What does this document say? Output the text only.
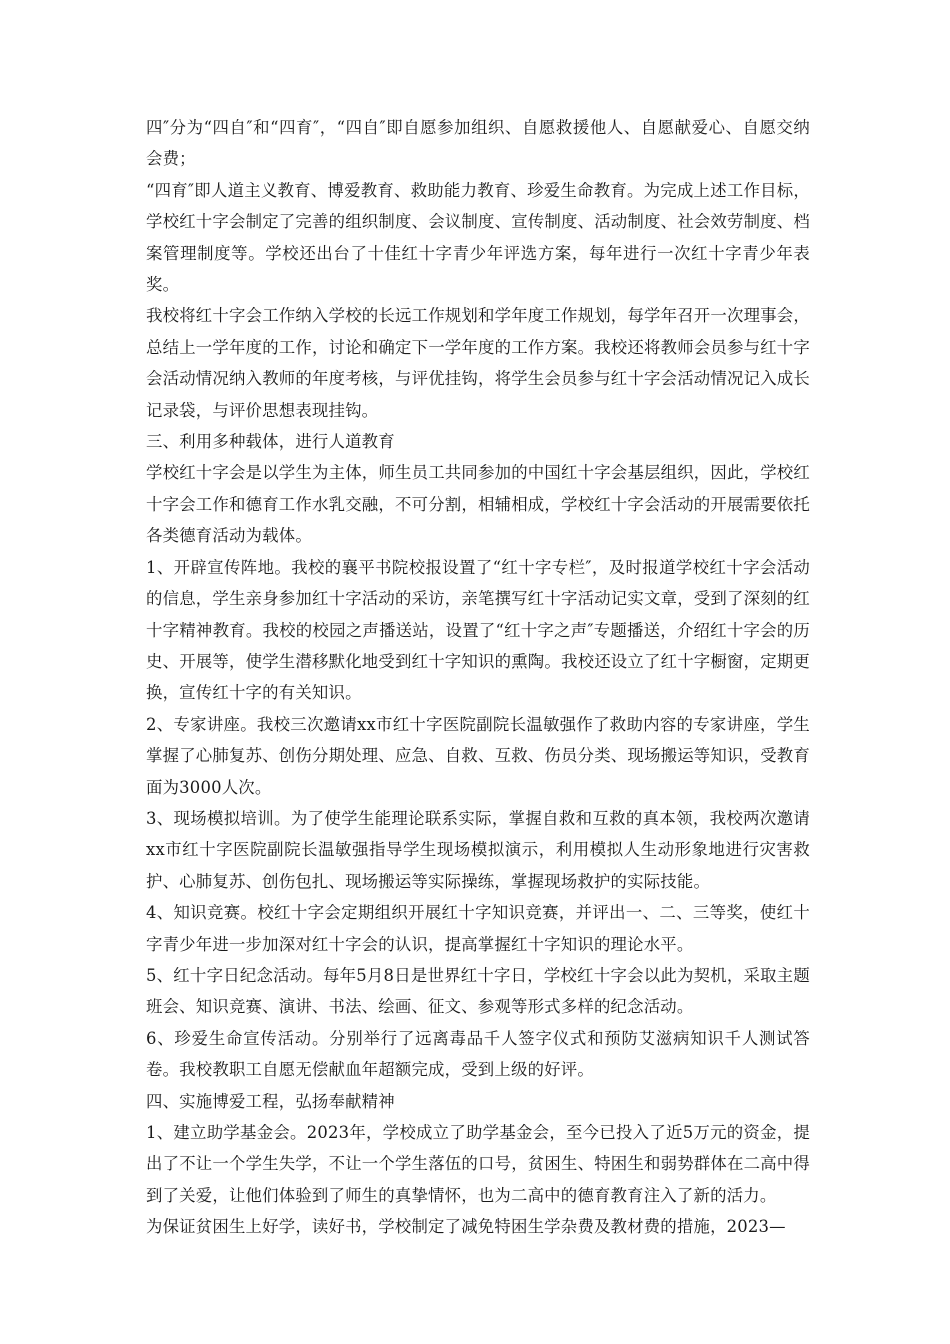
四″分为“四自″和“四育″，“四自″即自愿参加组织、自愿救援他人、自愿献爱心、自愿交纳会费；

“四育″即人道主义教育、博爱教育、救助能力教育、珍爱生命教育。为完成上述工作目标，学校红十字会制定了完善的组织制度、会议制度、宣传制度、活动制度、社会效劳制度、档案管理制度等。学校还出台了十佳红十字青少年评选方案，每年进行一次红十字青少年表奖。

我校将红十字会工作纳入学校的长远工作规划和学年度工作规划，每学年召开一次理事会，总结上一学年度的工作，讨论和确定下一学年度的工作方案。我校还将教师会员参与红十字会活动情况纳入教师的年度考核，与评优挂钩，将学生会员参与红十字会活动情况记入成长记录袋，与评价思想表现挂钩。

三、利用多种载体，进行人道教育

学校红十字会是以学生为主体，师生员工共同参加的中国红十字会基层组织，因此，学校红十字会工作和德育工作水乳交融，不可分割，相辅相成，学校红十字会活动的开展需要依托各类德育活动为载体。

1、开辟宣传阵地。我校的襄平书院校报设置了“红十字专栏″，及时报道学校红十字会活动的信息，学生亲身参加红十字活动的采访，亲笔撰写红十字活动记实文章，受到了深刻的红十字精神教育。我校的校园之声播送站，设置了“红十字之声″专题播送，介绍红十字会的历史、开展等，使学生潜移默化地受到红十字知识的熏陶。我校还设立了红十字橱窗，定期更换，宣传红十字的有关知识。

2、专家讲座。我校三次邀请xx市红十字医院副院长温敏强作了救助内容的专家讲座，学生掌握了心肺复苏、创伤分期处理、应急、自救、互救、伤员分类、现场搬运等知识，受教育面为3000人次。

3、现场模拟培训。为了使学生能理论联系实际，掌握自救和互救的真本领，我校两次邀请xx市红十字医院副院长温敏强指导学生现场模拟演示，利用模拟人生动形象地进行灾害救护、心肺复苏、创伤包扎、现场搬运等实际操练，掌握现场救护的实际技能。

4、知识竞赛。校红十字会定期组织开展红十字知识竞赛，并评出一、二、三等奖，使红十字青少年进一步加深对红十字会的认识，提高掌握红十字知识的理论水平。

5、红十字日纪念活动。每年5月8日是世界红十字日，学校红十字会以此为契机，采取主题班会、知识竞赛、演讲、书法、绘画、征文、参观等形式多样的纪念活动。

6、珍爱生命宣传活动。分别举行了远离毒品千人签字仪式和预防艾滋病知识千人测试答卷。我校教职工自愿无偿献血年超额完成，受到上级的好评。

四、实施博爱工程，弘扬奉献精神

1、建立助学基金会。2023年，学校成立了助学基金会，至今已投入了近5万元的资金，提出了不让一个学生失学，不让一个学生落伍的口号，贫困生、特困生和弱势群体在二高中得到了关爱，让他们体验到了师生的真挚情怀，也为二高中的德育教育注入了新的活力。

为保证贫困生上好学，读好书，学校制定了减免特困生学杂费及教材费的措施，2023—
